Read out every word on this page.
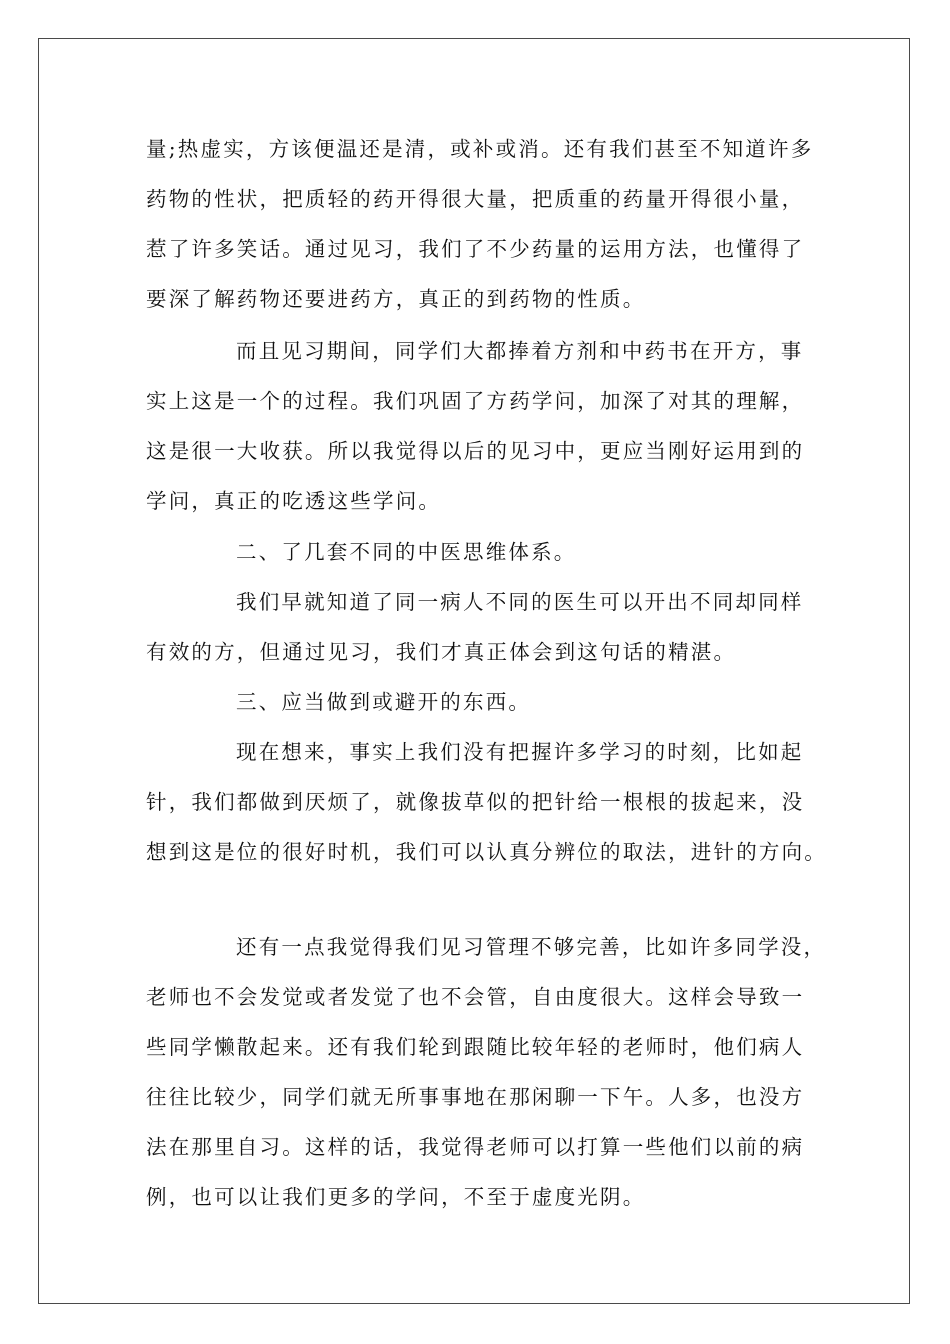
量;热虚实，方该便温还是清，或补或消。还有我们甚至不知道许多
药物的性状，把质轻的药开得很大量，把质重的药量开得很小量，
惹了许多笑话。通过见习，我们了不少药量的运用方法，也懂得了
要深了解药物还要进药方，真正的到药物的性质。
而且见习期间，同学们大都捧着方剂和中药书在开方，事
实上这是一个的过程。我们巩固了方药学问，加深了对其的理解，
这是很一大收获。所以我觉得以后的见习中，更应当刚好运用到的
学问，真正的吃透这些学问。
二、了几套不同的中医思维体系。
我们早就知道了同一病人不同的医生可以开出不同却同样
有效的方，但通过见习，我们才真正体会到这句话的精湛。
三、应当做到或避开的东西。
现在想来，事实上我们没有把握许多学习的时刻，比如起
针，我们都做到厌烦了，就像拔草似的把针给一根根的拔起来，没
想到这是位的很好时机，我们可以认真分辨位的取法，进针的方向。
还有一点我觉得我们见习管理不够完善，比如许多同学没，
老师也不会发觉或者发觉了也不会管，自由度很大。这样会导致一
些同学懒散起来。还有我们轮到跟随比较年轻的老师时，他们病人
往往比较少，同学们就无所事事地在那闲聊一下午。人多，也没方
法在那里自习。这样的话，我觉得老师可以打算一些他们以前的病
例，也可以让我们更多的学问，不至于虚度光阴。
